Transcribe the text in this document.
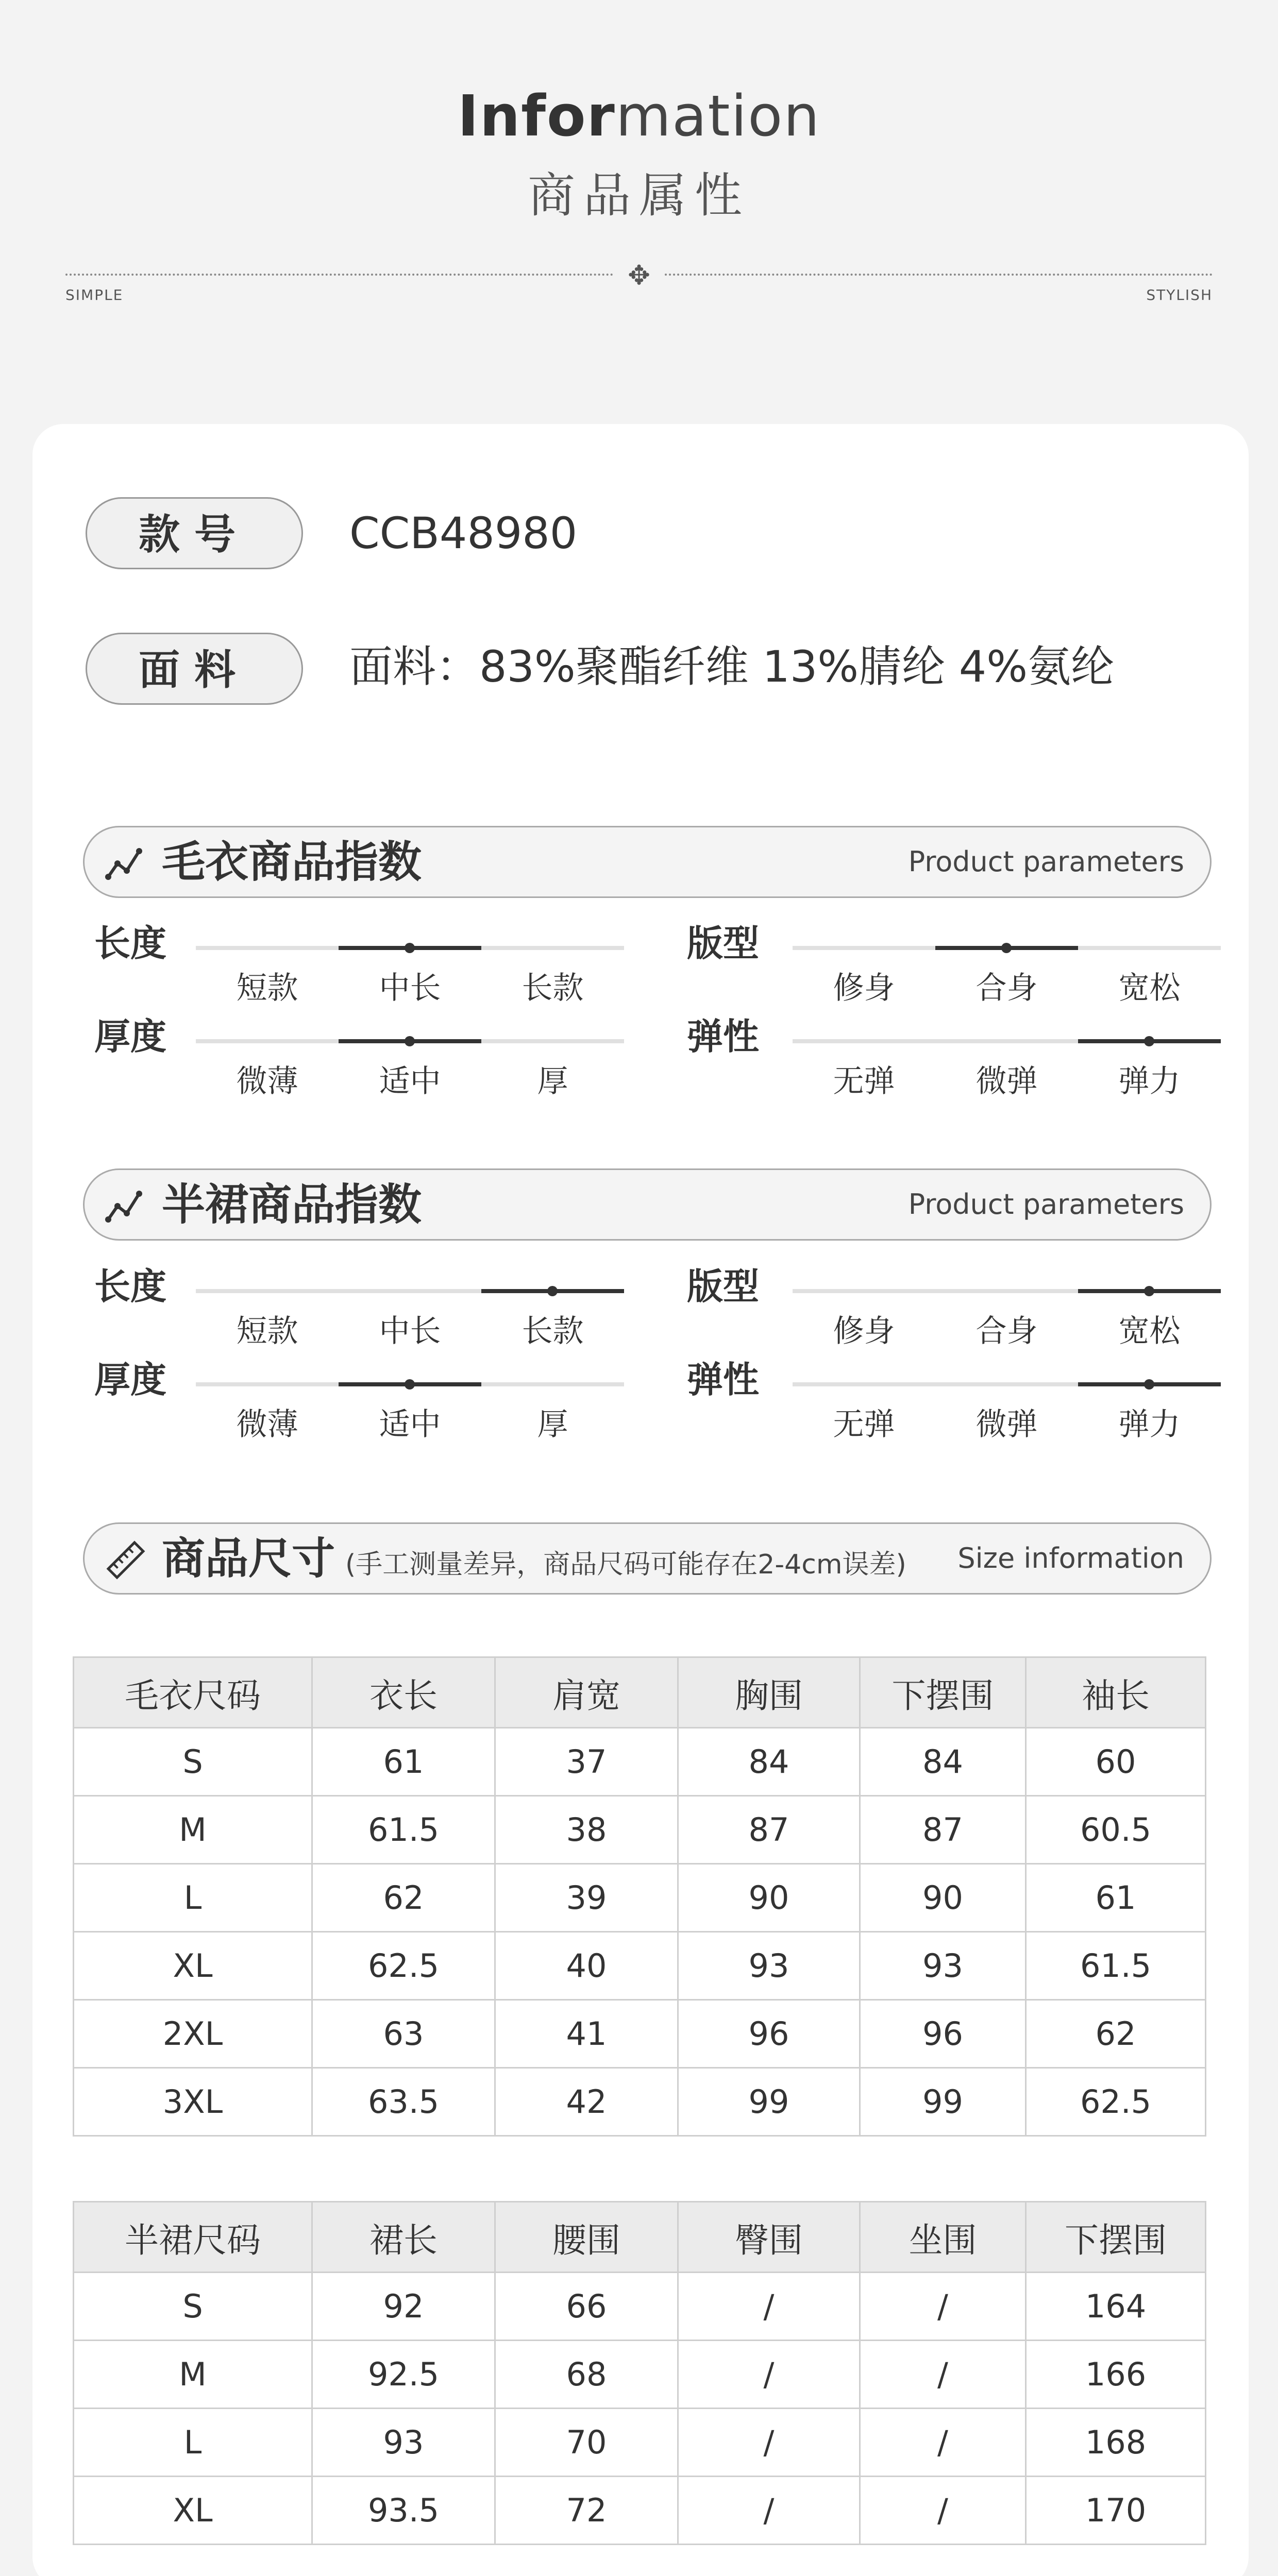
Information
商品属性
✥
SIMPLE	STYLISH
款号	CCB48980
面料	面料：83%聚酯纤维 13%腈纶 4%氨纶
毛衣商品指数	Product parameters
长度
短款	中长	长款
版型
修身	合身	宽松
厚度
微薄	适中	厚
弹性
无弹	微弹	弹力
半裙商品指数	Product parameters
长度
短款	中长	长款
版型
修身	合身	宽松
厚度
微薄	适中	厚
弹性
无弹	微弹	弹力
商品尺寸 (手工测量差异，商品尺码可能存在2-4cm误差) Size information
毛衣尺码	衣长	肩宽	胸围	下摆围	袖长
S	61	37	84	84	60
M	61.5	38	87	87	60.5
L	62	39	90	90	61
XL	62.5	40	93	93	61.5
2XL	63	41	96	96	62
3XL	63.5	42	99	99	62.5
半裙尺码	裙长	腰围	臀围	坐围	下摆围
S	92	66	/	/	164
M	92.5	68	/	/	166
L	93	70	/	/	168
XL	93.5	72	/	/	170
